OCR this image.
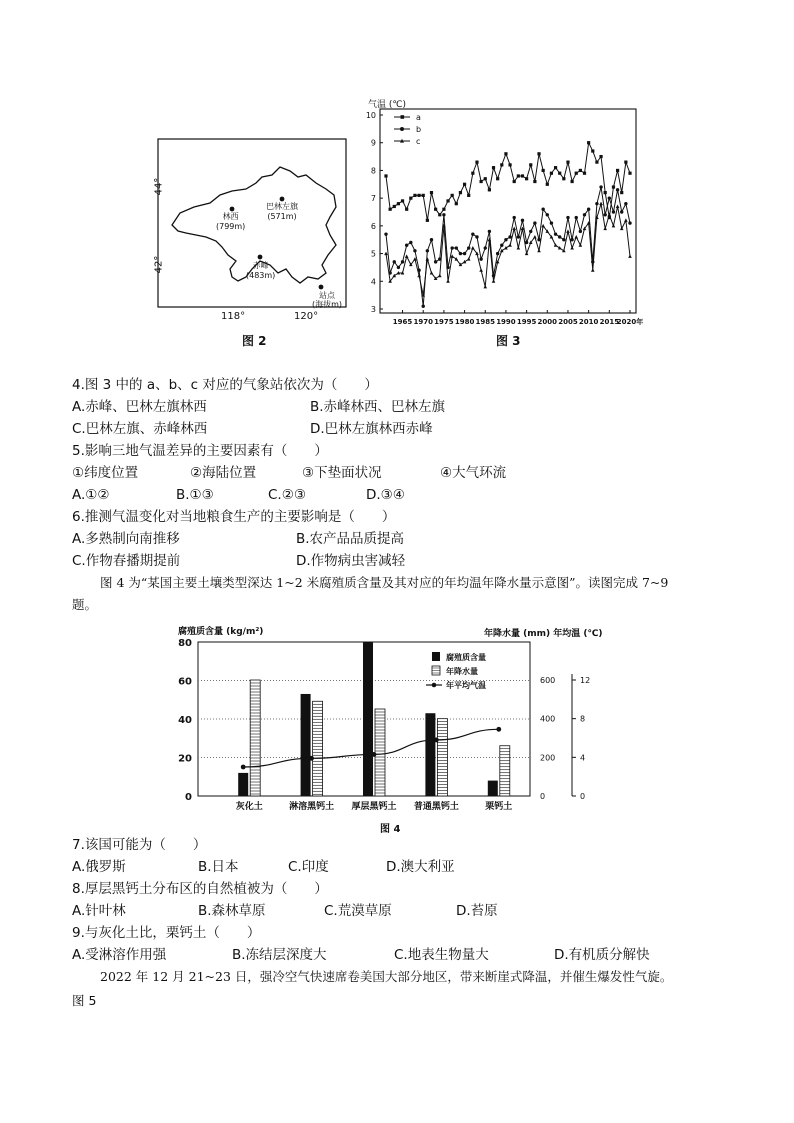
44°
42°
118°	120°
巴林左旗
(571m)
林西
(799m)
赤峰
(483m)
站点
(海拔m)
图 2
气温 (℃)
10
9
8
7
6
5
4
3
1965 1970 1975 1980 1985 1990 1995 2000 2005 2010 2015
2020年
a
b
c
图 3
4.图 3 中的 a、b、c 对应的气象站依次为（　　）
A.赤峰、巴林左旗林西	B.赤峰林西、巴林左旗
C.巴林左旗、赤峰林西	D.巴林左旗林西赤峰
5.影响三地气温差异的主要因素有（　　）
①纬度位置	②海陆位置	③下垫面状况	④大气环流
A.①②	B.①③	C.②③	D.③④
6.推测气温变化对当地粮食生产的主要影响是（　　）
A.多熟制向南推移	B.农产品品质提高
C.作物春播期提前	D.作物病虫害减轻
图 4 为“某国主要土壤类型深达 1~2 米腐殖质含量及其对应的年均温年降水量示意图”。读图完成 7~9
题。
腐殖质含量 (kg/m²)	年降水量 (mm) 年均温 (℃)
80
60
40
20
0
600
400
200
0
12
8
4
0
灰化土	淋溶黑钙土 厚层黑钙土 普通黑钙土	栗钙土
腐殖质含量
年降水量
年平均气温
图 4
7.该国可能为（　　）
A.俄罗斯	B.日本	C.印度	D.澳大利亚
8.厚层黑钙土分布区的自然植被为（　　）
A.针叶林	B.森林草原	C.荒漠草原	D.苔原
9.与灰化土比，栗钙土（　　）
A.受淋溶作用强	B.冻结层深度大	C.地表生物量大	D.有机质分解快
2022 年 12 月 21~23 日，强冷空气快速席卷美国大部分地区，带来断崖式降温，并催生爆发性气旋。
图 5
